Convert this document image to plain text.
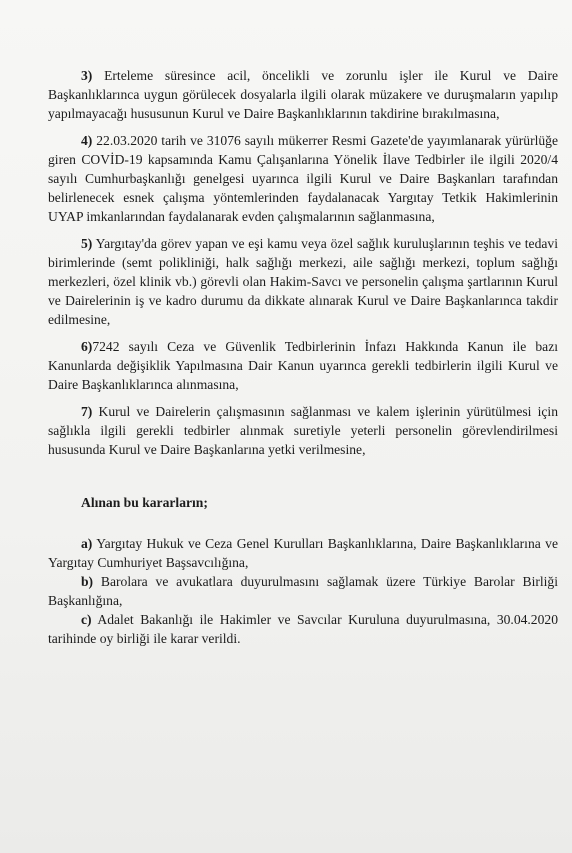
3) Erteleme süresince acil, öncelikli ve zorunlu işler ile Kurul ve Daire Başkanlıklarınca uygun görülecek dosyalarla ilgili olarak müzakere ve duruşmaların yapılıp yapılmayacağı hususunun Kurul ve Daire Başkanlıklarının takdirine bırakılmasına,

4) 22.03.2020 tarih ve 31076 sayılı mükerrer Resmi Gazete'de yayımlanarak yürürlüğe giren COVİD-19 kapsamında Kamu Çalışanlarına Yönelik İlave Tedbirler ile ilgili 2020/4 sayılı Cumhurbaşkanlığı genelgesi uyarınca ilgili Kurul ve Daire Başkanları tarafından belirlenecek esnek çalışma yöntemlerinden faydalanacak Yargıtay Tetkik Hakimlerinin UYAP imkanlarından faydalanarak evden çalışmalarının sağlanmasına,

5) Yargıtay'da görev yapan ve eşi kamu veya özel sağlık kuruluşlarının teşhis ve tedavi birimlerinde (semt polikliniği, halk sağlığı merkezi, aile sağlığı merkezi, toplum sağlığı merkezleri, özel klinik vb.) görevli olan Hakim-Savcı ve personelin çalışma şartlarının Kurul ve Dairelerinin iş ve kadro durumu da dikkate alınarak Kurul ve Daire Başkanlarınca takdir edilmesine,

6)7242 sayılı Ceza ve Güvenlik Tedbirlerinin İnfazı Hakkında Kanun ile bazı Kanunlarda değişiklik Yapılmasına Dair Kanun uyarınca gerekli tedbirlerin ilgili Kurul ve Daire Başkanlıklarınca alınmasına,

7) Kurul ve Dairelerin çalışmasının sağlanması ve kalem işlerinin yürütülmesi için sağlıkla ilgili gerekli tedbirler alınmak suretiyle yeterli personelin görevlendirilmesi hususunda Kurul ve Daire Başkanlarına yetki verilmesine,

Alınan bu kararların;

a) Yargıtay Hukuk ve Ceza Genel Kurulları Başkanlıklarına, Daire Başkanlıklarına ve Yargıtay Cumhuriyet Başsavcılığına,

b) Barolara ve avukatlara duyurulmasını sağlamak üzere Türkiye Barolar Birliği Başkanlığına,

c) Adalet Bakanlığı ile Hakimler ve Savcılar Kuruluna duyurulmasına, 30.04.2020 tarihinde oy birliği ile karar verildi.
